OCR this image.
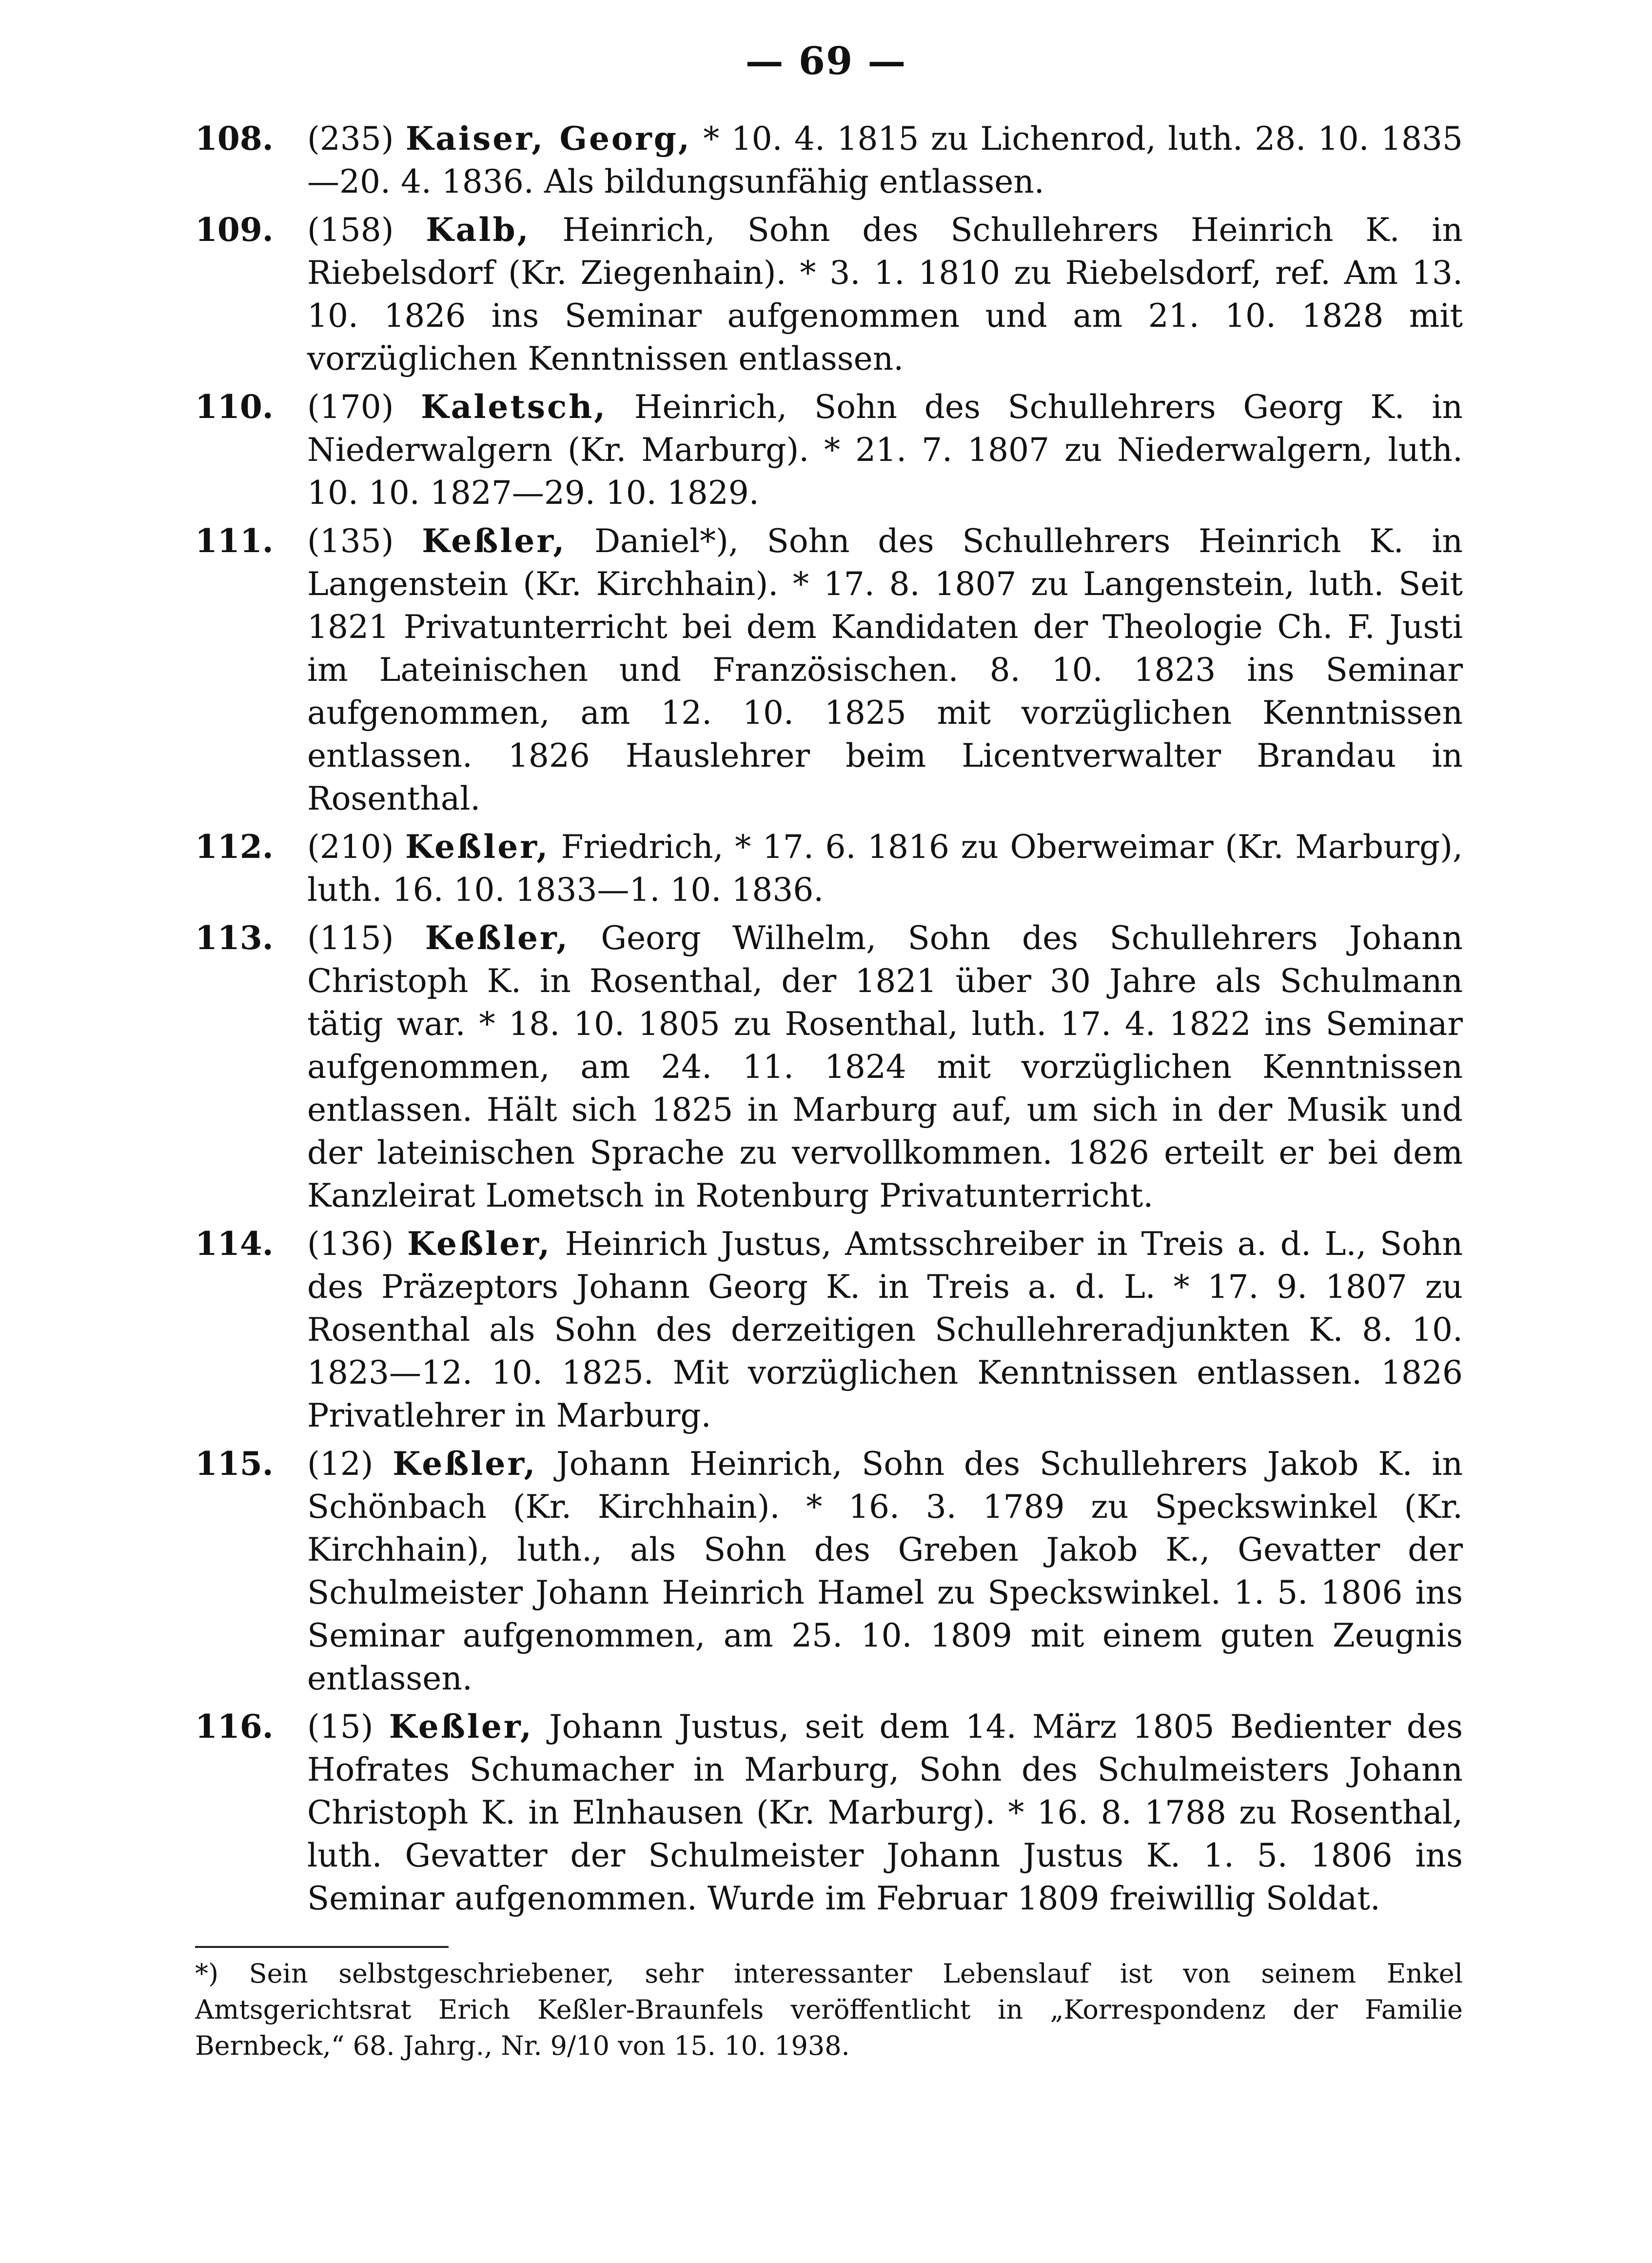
— 69 —
108.	(235) Kaiser, Georg, * 10. 4. 1815 zu Lichenrod, luth. 28. 10. 1835—20. 4. 1836. Als bildungsunfähig entlassen.
109.	(158) Kalb, Heinrich, Sohn des Schullehrers Heinrich K. in Riebelsdorf (Kr. Ziegenhain). * 3. 1. 1810 zu Riebelsdorf, ref. Am 13. 10. 1826 ins Seminar aufgenommen und am 21. 10. 1828 mit vorzüglichen Kenntnissen entlassen.
110.	(170) Kaletsch, Heinrich, Sohn des Schullehrers Georg K. in Niederwalgern (Kr. Marburg). * 21. 7. 1807 zu Niederwalgern, luth. 10. 10. 1827—29. 10. 1829.
111.	(135) Keßler, Daniel*), Sohn des Schullehrers Heinrich K. in Langenstein (Kr. Kirchhain). * 17. 8. 1807 zu Langenstein, luth. Seit 1821 Privatunterricht bei dem Kandidaten der Theologie Ch. F. Justi im Lateinischen und Französischen. 8. 10. 1823 ins Seminar aufgenommen, am 12. 10. 1825 mit vorzüglichen Kenntnissen entlassen. 1826 Hauslehrer beim Licentverwalter Brandau in Rosenthal.
112.	(210) Keßler, Friedrich, * 17. 6. 1816 zu Oberweimar (Kr. Marburg), luth. 16. 10. 1833—1. 10. 1836.
113.	(115) Keßler, Georg Wilhelm, Sohn des Schullehrers Johann Christoph K. in Rosenthal, der 1821 über 30 Jahre als Schulmann tätig war. * 18. 10. 1805 zu Rosenthal, luth. 17. 4. 1822 ins Seminar aufgenommen, am 24. 11. 1824 mit vorzüglichen Kenntnissen entlassen. Hält sich 1825 in Marburg auf, um sich in der Musik und der lateinischen Sprache zu vervollkommen. 1826 erteilt er bei dem Kanzleirat Lometsch in Rotenburg Privatunterricht.
114.	(136) Keßler, Heinrich Justus, Amtsschreiber in Treis a. d. L., Sohn des Präzeptors Johann Georg K. in Treis a. d. L. * 17. 9. 1807 zu Rosenthal als Sohn des derzeitigen Schullehreradjunkten K. 8. 10. 1823—12. 10. 1825. Mit vorzüglichen Kenntnissen entlassen. 1826 Privatlehrer in Marburg.
115.	(12) Keßler, Johann Heinrich, Sohn des Schullehrers Jakob K. in Schönbach (Kr. Kirchhain). * 16. 3. 1789 zu Speckswinkel (Kr. Kirchhain), luth., als Sohn des Greben Jakob K., Gevatter der Schulmeister Johann Heinrich Hamel zu Speckswinkel. 1. 5. 1806 ins Seminar aufgenommen, am 25. 10. 1809 mit einem guten Zeugnis entlassen.
116.	(15) Keßler, Johann Justus, seit dem 14. März 1805 Bedienter des Hofrates Schumacher in Marburg, Sohn des Schulmeisters Johann Christoph K. in Elnhausen (Kr. Marburg). * 16. 8. 1788 zu Rosenthal, luth. Gevatter der Schulmeister Johann Justus K. 1. 5. 1806 ins Seminar aufgenommen. Wurde im Februar 1809 freiwillig Soldat.
*) Sein selbstgeschriebener, sehr interessanter Lebenslauf ist von seinem Enkel Amtsgerichtsrat Erich Keßler-Braunfels veröffentlicht in „Korrespondenz der Familie Bernbeck,“ 68. Jahrg., Nr. 9/10 von 15. 10. 1938.
